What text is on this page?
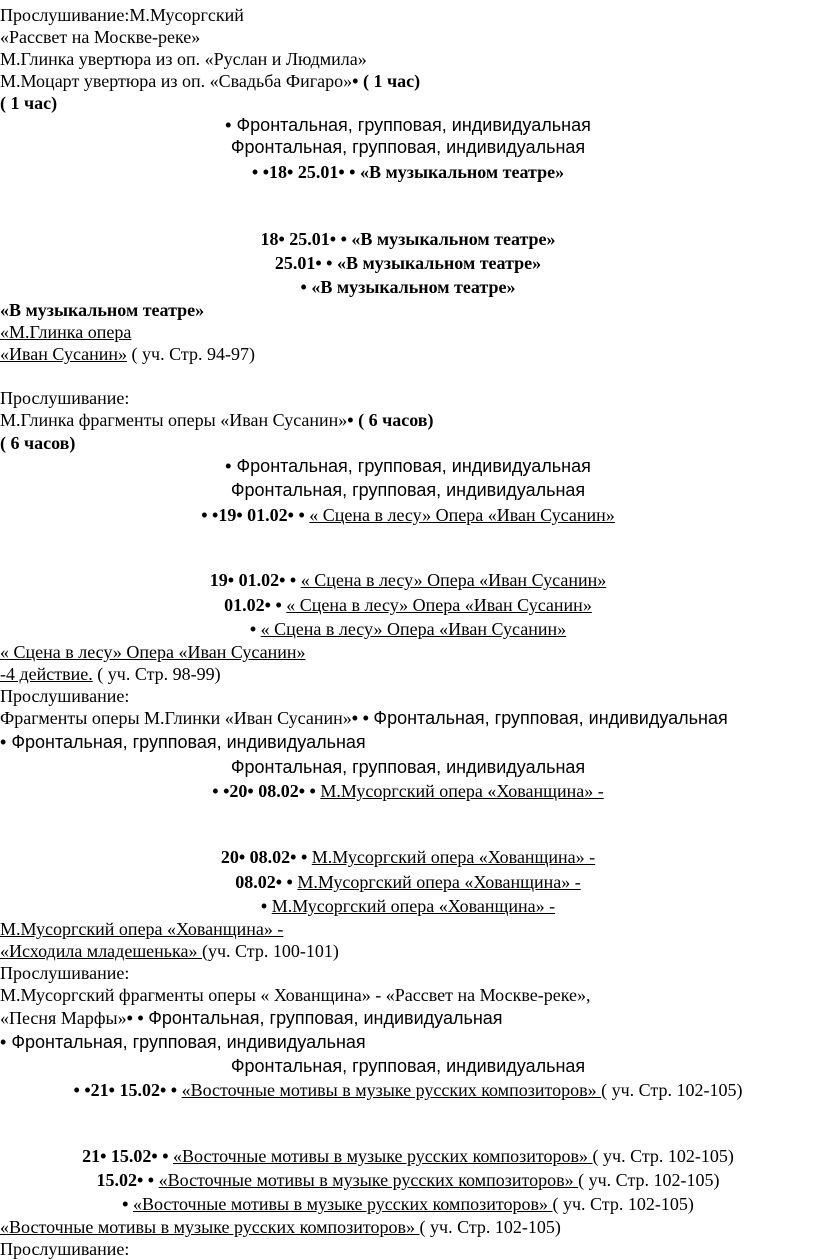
Прослушивание:М.Мусоргский
«Рассвет на Москве-реке»
М.Глинка увертюра из оп. «Руслан и Людмила»
М.Моцарт увертюра из оп. «Свадьба Фигаро»• ( 1 час)
( 1 час)
• Фронтальная, групповая, индивидуальная
Фронтальная, групповая, индивидуальная
• •18• 25.01• • «В музыкальном театре»
18• 25.01• • «В музыкальном театре»
25.01• • «В музыкальном театре»
• «В музыкальном театре»
«В музыкальном театре»
«М.Глинка опера
«Иван Сусанин» ( уч. Стр. 94-97)
Прослушивание:
М.Глинка фрагменты оперы «Иван Сусанин»• ( 6 часов)
( 6 часов)
• Фронтальная, групповая, индивидуальная
Фронтальная, групповая, индивидуальная
• •19• 01.02• • « Сцена в лесу» Опера «Иван Сусанин»
19• 01.02• • « Сцена в лесу» Опера «Иван Сусанин»
01.02• • « Сцена в лесу» Опера «Иван Сусанин»
• « Сцена в лесу» Опера «Иван Сусанин»
« Сцена в лесу» Опера «Иван Сусанин»
-4 действие. ( уч. Стр. 98-99)
Прослушивание:
Фрагменты оперы М.Глинки «Иван Сусанин»• • Фронтальная, групповая, индивидуальная
• Фронтальная, групповая, индивидуальная
Фронтальная, групповая, индивидуальная
• •20• 08.02• • М.Мусоргский опера «Хованщина» -
20• 08.02• • М.Мусоргский опера «Хованщина» -
08.02• • М.Мусоргский опера «Хованщина» -
• М.Мусоргский опера «Хованщина» -
М.Мусоргский опера «Хованщина» -
«Исходила младешенька» (уч. Стр. 100-101)
Прослушивание:
М.Мусоргский фрагменты оперы « Хованщина» - «Рассвет на Москве-реке»,
«Песня Марфы»• • Фронтальная, групповая, индивидуальная
• Фронтальная, групповая, индивидуальная
Фронтальная, групповая, индивидуальная
• •21• 15.02• • «Восточные мотивы в музыке русских композиторов» ( уч. Стр. 102-105)
21• 15.02• • «Восточные мотивы в музыке русских композиторов» ( уч. Стр. 102-105)
15.02• • «Восточные мотивы в музыке русских композиторов» ( уч. Стр. 102-105)
• «Восточные мотивы в музыке русских композиторов» ( уч. Стр. 102-105)
«Восточные мотивы в музыке русских композиторов» ( уч. Стр. 102-105)
Прослушивание:
